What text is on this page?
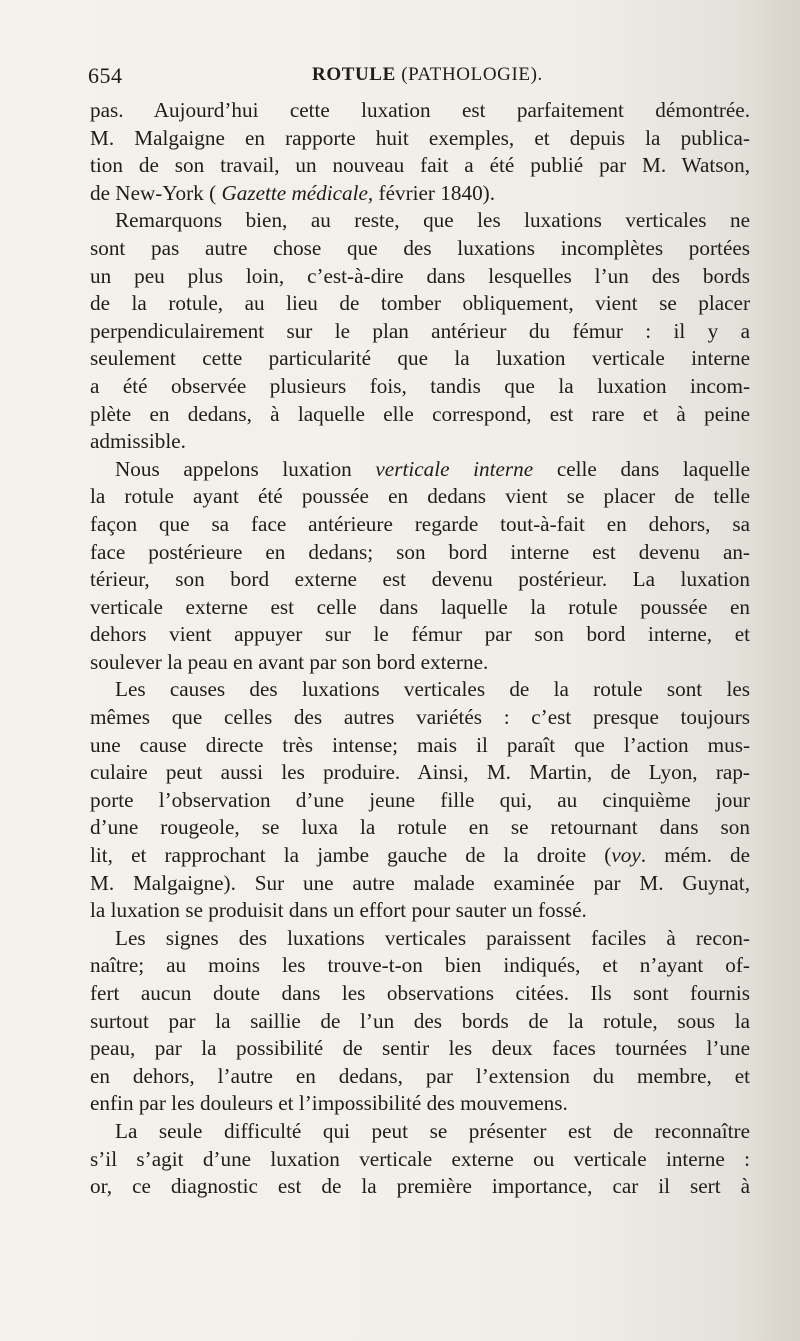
654	ROTULE (PATHOLOGIE).
pas. Aujourd’hui cette luxation est parfaitement démontrée.
M. Malgaigne en rapporte huit exemples, et depuis la publica-
tion de son travail, un nouveau fait a été publié par M. Watson,
de New-York ( Gazette médicale, février 1840).
Remarquons bien, au reste, que les luxations verticales ne
sont pas autre chose que des luxations incomplètes portées
un peu plus loin, c’est-à-dire dans lesquelles l’un des bords
de la rotule, au lieu de tomber obliquement, vient se placer
perpendiculairement sur le plan antérieur du fémur : il y a
seulement cette particularité que la luxation verticale interne
a été observée plusieurs fois, tandis que la luxation incom-
plète en dedans, à laquelle elle correspond, est rare et à peine
admissible.
Nous appelons luxation verticale interne celle dans laquelle
la rotule ayant été poussée en dedans vient se placer de telle
façon que sa face antérieure regarde tout-à-fait en dehors, sa
face postérieure en dedans; son bord interne est devenu an-
térieur, son bord externe est devenu postérieur. La luxation
verticale externe est celle dans laquelle la rotule poussée en
dehors vient appuyer sur le fémur par son bord interne, et
soulever la peau en avant par son bord externe.
Les causes des luxations verticales de la rotule sont les
mêmes que celles des autres variétés : c’est presque toujours
une cause directe très intense; mais il paraît que l’action mus-
culaire peut aussi les produire. Ainsi, M. Martin, de Lyon, rap-
porte l’observation d’une jeune fille qui, au cinquième jour
d’une rougeole, se luxa la rotule en se retournant dans son
lit, et rapprochant la jambe gauche de la droite (voy. mém. de
M. Malgaigne). Sur une autre malade examinée par M. Guynat,
la luxation se produisit dans un effort pour sauter un fossé.
Les signes des luxations verticales paraissent faciles à recon-
naître; au moins les trouve-t-on bien indiqués, et n’ayant of-
fert aucun doute dans les observations citées. Ils sont fournis
surtout par la saillie de l’un des bords de la rotule, sous la
peau, par la possibilité de sentir les deux faces tournées l’une
en dehors, l’autre en dedans, par l’extension du membre, et
enfin par les douleurs et l’impossibilité des mouvemens.
La seule difficulté qui peut se présenter est de reconnaître
s’il s’agit d’une luxation verticale externe ou verticale interne :
or, ce diagnostic est de la première importance, car il sert à
